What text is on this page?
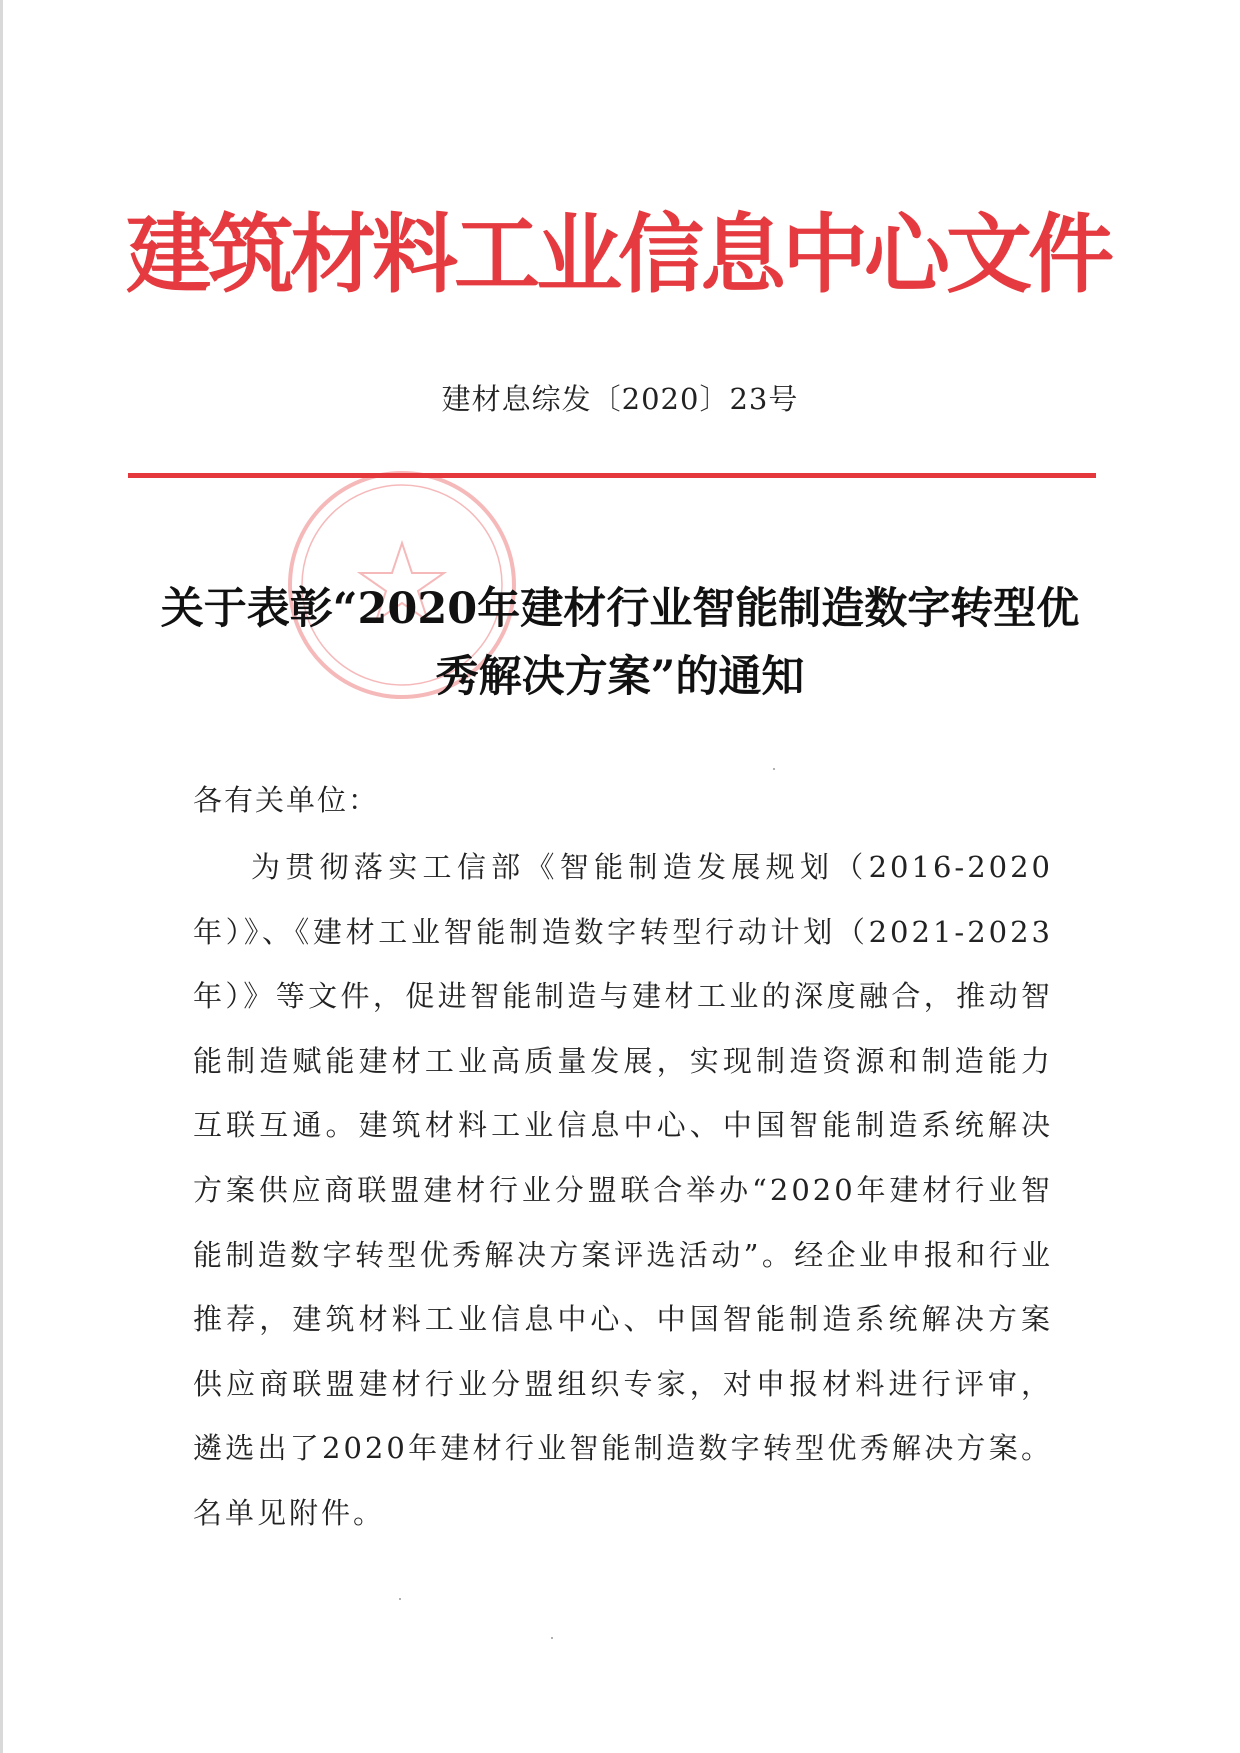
建筑材料工业信息中心文件
建材息综发〔2020〕23号
关于表彰“2020年建材行业智能制造数字转型优秀解决方案”的通知
各有关单位：

为贯彻落实工信部《智能制造发展规划（2016-2020年）》、《建材工业智能制造数字转型行动计划（2021-2023年）》等文件，促进智能制造与建材工业的深度融合，推动智能制造赋能建材工业高质量发展，实现制造资源和制造能力互联互通。建筑材料工业信息中心、中国智能制造系统解决方案供应商联盟建材行业分盟联合举办“2020年建材行业智能制造数字转型优秀解决方案评选活动”。经企业申报和行业推荐，建筑材料工业信息中心、中国智能制造系统解决方案供应商联盟建材行业分盟组织专家，对申报材料进行评审，遴选出了2020年建材行业智能制造数字转型优秀解决方案。名单见附件。
